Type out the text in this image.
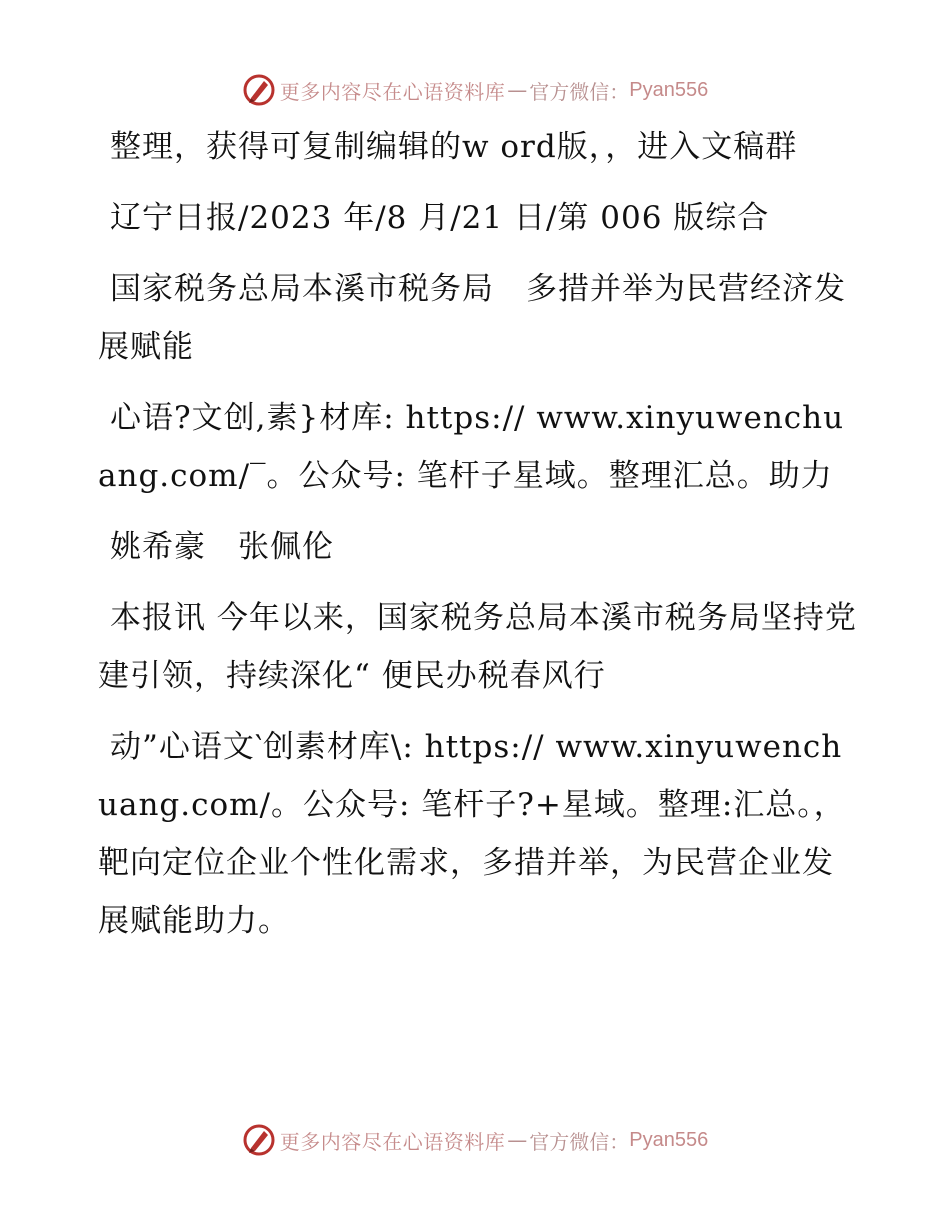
更多内容尽在心语资料库 — 官方微信： Pyan556

整理，获得可复制编辑的w ord版，，进入文稿群

辽宁日报/2023 年/8 月/21 日/第 006 版综合

国家税务总局本溪市税务局　多措并举为民营经济发展赋能

心语?文创,素}材库: https:// www.xinyuwenchuang.com/‾。公众号: 笔杆子星域。整理汇总。助力

姚希豪　张佩伦

本报讯 今年以来，国家税务总局本溪市税务局坚持党建引领，持续深化“ 便民办税春风行

动”心语文‵创素材库\: https:// www.xinyuwenchuang.com/。公众号: 笔杆子?+星域。整理:汇总。，靶向定位企业个性化需求，多措并举，为民营企业发展赋能助力。

更多内容尽在心语资料库 — 官方微信： Pyan556
